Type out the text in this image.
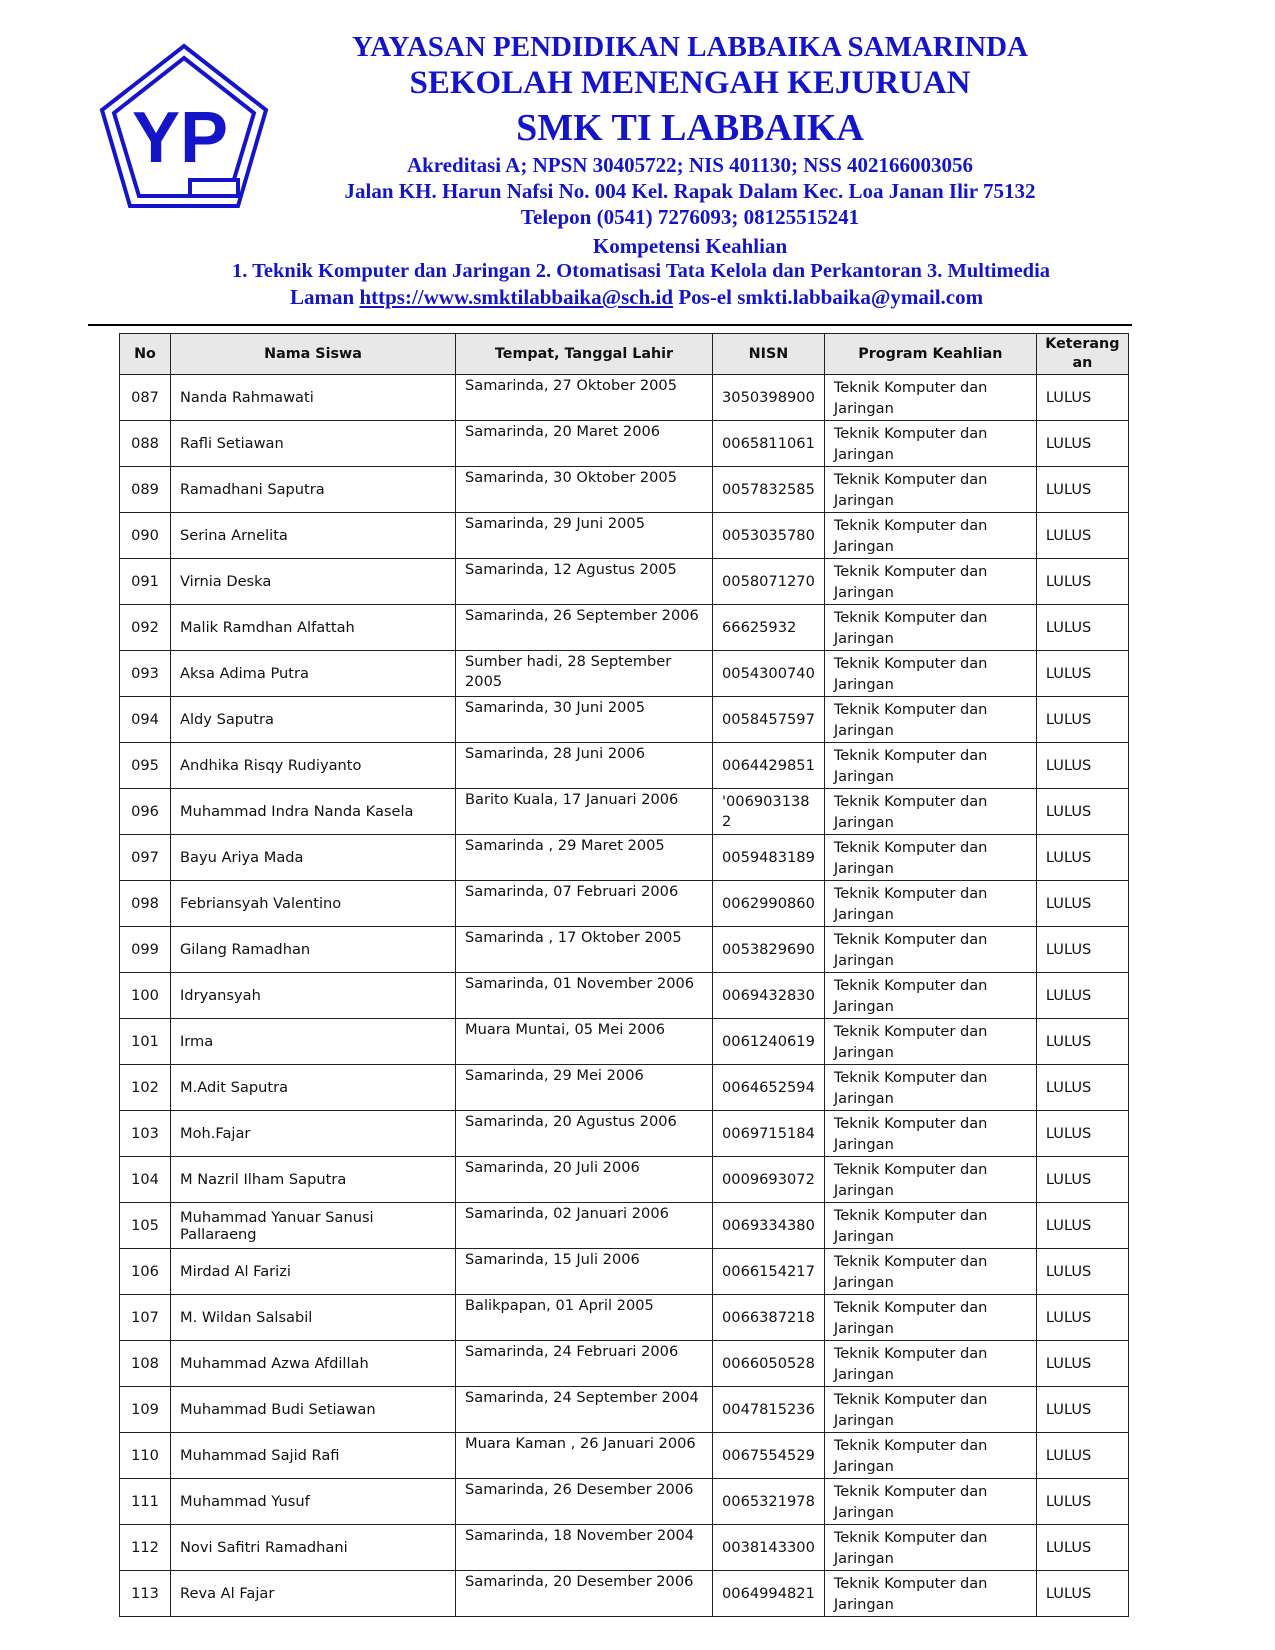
YP
YAYASAN PENDIDIKAN LABBAIKA SAMARINDA
SEKOLAH MENENGAH KEJURUAN
SMK TI LABBAIKA
Akreditasi A; NPSN 30405722; NIS 401130; NSS 402166003056
Jalan KH. Harun Nafsi No. 004 Kel. Rapak Dalam Kec. Loa Janan Ilir 75132
Telepon (0541) 7276093; 08125515241
Kompetensi Keahlian
1. Teknik Komputer dan Jaringan 2. Otomatisasi Tata Kelola dan Perkantoran 3. Multimedia
Laman https://www.smktilabbaika@sch.id Pos-el smkti.labbaika@ymail.com
No	Nama Siswa	Tempat, Tanggal Lahir	NISN	Program Keahlian	Keterang an
087	Nanda Rahmawati	Samarinda, 27 Oktober 2005	3050398900	Teknik Komputer dan Jaringan	LULUS
088	Rafli Setiawan	Samarinda, 20 Maret 2006	0065811061	Teknik Komputer dan Jaringan	LULUS
089	Ramadhani Saputra	Samarinda, 30 Oktober 2005	0057832585	Teknik Komputer dan Jaringan	LULUS
090	Serina Arnelita	Samarinda, 29 Juni 2005	0053035780	Teknik Komputer dan Jaringan	LULUS
091	Virnia Deska	Samarinda, 12 Agustus 2005	0058071270	Teknik Komputer dan Jaringan	LULUS
092	Malik Ramdhan Alfattah	Samarinda, 26 September 2006	66625932	Teknik Komputer dan Jaringan	LULUS
093	Aksa Adima Putra	Sumber hadi, 28 September 2005	0054300740	Teknik Komputer dan Jaringan	LULUS
094	Aldy Saputra	Samarinda, 30 Juni 2005	0058457597	Teknik Komputer dan Jaringan	LULUS
095	Andhika Risqy Rudiyanto	Samarinda, 28 Juni 2006	0064429851	Teknik Komputer dan Jaringan	LULUS
096	Muhammad Indra Nanda Kasela	Barito Kuala, 17 Januari 2006	'0069031382	Teknik Komputer dan Jaringan	LULUS
097	Bayu Ariya Mada	Samarinda , 29 Maret 2005	0059483189	Teknik Komputer dan Jaringan	LULUS
098	Febriansyah Valentino	Samarinda, 07 Februari 2006	0062990860	Teknik Komputer dan Jaringan	LULUS
099	Gilang Ramadhan	Samarinda , 17 Oktober 2005	0053829690	Teknik Komputer dan Jaringan	LULUS
100	Idryansyah	Samarinda, 01 November 2006	0069432830	Teknik Komputer dan Jaringan	LULUS
101	Irma	Muara Muntai, 05 Mei 2006	0061240619	Teknik Komputer dan Jaringan	LULUS
102	M.Adit Saputra	Samarinda, 29 Mei 2006	0064652594	Teknik Komputer dan Jaringan	LULUS
103	Moh.Fajar	Samarinda, 20 Agustus 2006	0069715184	Teknik Komputer dan Jaringan	LULUS
104	M Nazril Ilham Saputra	Samarinda, 20 Juli 2006	0009693072	Teknik Komputer dan Jaringan	LULUS
105	Muhammad Yanuar Sanusi Pallaraeng	Samarinda, 02 Januari 2006	0069334380	Teknik Komputer dan Jaringan	LULUS
106	Mirdad Al Farizi	Samarinda, 15 Juli 2006	0066154217	Teknik Komputer dan Jaringan	LULUS
107	M. Wildan Salsabil	Balikpapan, 01 April 2005	0066387218	Teknik Komputer dan Jaringan	LULUS
108	Muhammad Azwa Afdillah	Samarinda, 24 Februari 2006	0066050528	Teknik Komputer dan Jaringan	LULUS
109	Muhammad Budi Setiawan	Samarinda, 24 September 2004	0047815236	Teknik Komputer dan Jaringan	LULUS
110	Muhammad Sajid Rafi	Muara Kaman , 26 Januari 2006	0067554529	Teknik Komputer dan Jaringan	LULUS
111	Muhammad Yusuf	Samarinda, 26 Desember 2006	0065321978	Teknik Komputer dan Jaringan	LULUS
112	Novi Safitri Ramadhani	Samarinda, 18 November 2004	0038143300	Teknik Komputer dan Jaringan	LULUS
113	Reva Al Fajar	Samarinda, 20 Desember 2006	0064994821	Teknik Komputer dan Jaringan	LULUS
